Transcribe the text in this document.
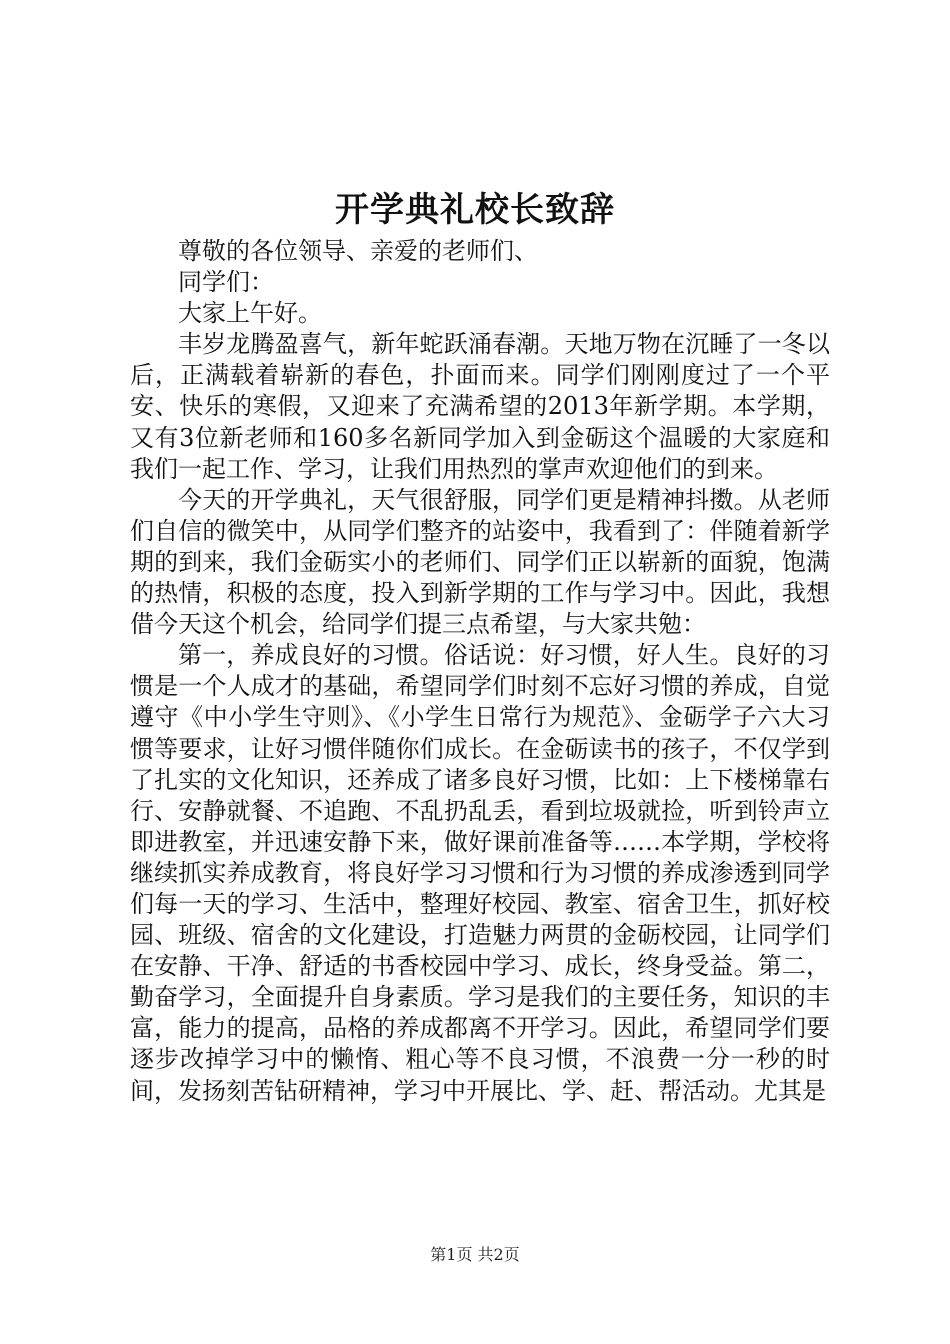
开学典礼校长致辞

尊敬的各位领导、亲爱的老师们、

同学们：

大家上午好。

丰岁龙腾盈喜气，新年蛇跃涌春潮。天地万物在沉睡了一冬以后，正满载着崭新的春色，扑面而来。同学们刚刚度过了一个平安、快乐的寒假，又迎来了充满希望的2013年新学期。本学期，又有3位新老师和160多名新同学加入到金砺这个温暖的大家庭和我们一起工作、学习，让我们用热烈的掌声欢迎他们的到来。

今天的开学典礼，天气很舒服，同学们更是精神抖擞。从老师们自信的微笑中，从同学们整齐的站姿中，我看到了：伴随着新学期的到来，我们金砺实小的老师们、同学们正以崭新的面貌，饱满的热情，积极的态度，投入到新学期的工作与学习中。因此，我想借今天这个机会，给同学们提三点希望，与大家共勉：

第一，养成良好的习惯。俗话说：好习惯，好人生。良好的习惯是一个人成才的基础，希望同学们时刻不忘好习惯的养成，自觉遵守《中小学生守则》、《小学生日常行为规范》、金砺学子六大习惯等要求，让好习惯伴随你们成长。在金砺读书的孩子，不仅学到了扎实的文化知识，还养成了诸多良好习惯，比如：上下楼梯靠右行、安静就餐、不追跑、不乱扔乱丢，看到垃圾就捡，听到铃声立即进教室，并迅速安静下来，做好课前准备等……本学期，学校将继续抓实养成教育，将良好学习习惯和行为习惯的养成渗透到同学们每一天的学习、生活中，整理好校园、教室、宿舍卫生，抓好校园、班级、宿舍的文化建设，打造魅力两贯的金砺校园，让同学们在安静、干净、舒适的书香校园中学习、成长，终身受益。第二，勤奋学习，全面提升自身素质。学习是我们的主要任务，知识的丰富，能力的提高，品格的养成都离不开学习。因此，希望同学们要逐步改掉学习中的懒惰、粗心等不良习惯，不浪费一分一秒的时间，发扬刻苦钻研精神，学习中开展比、学、赶、帮活动。尤其是

第1页 共2页
